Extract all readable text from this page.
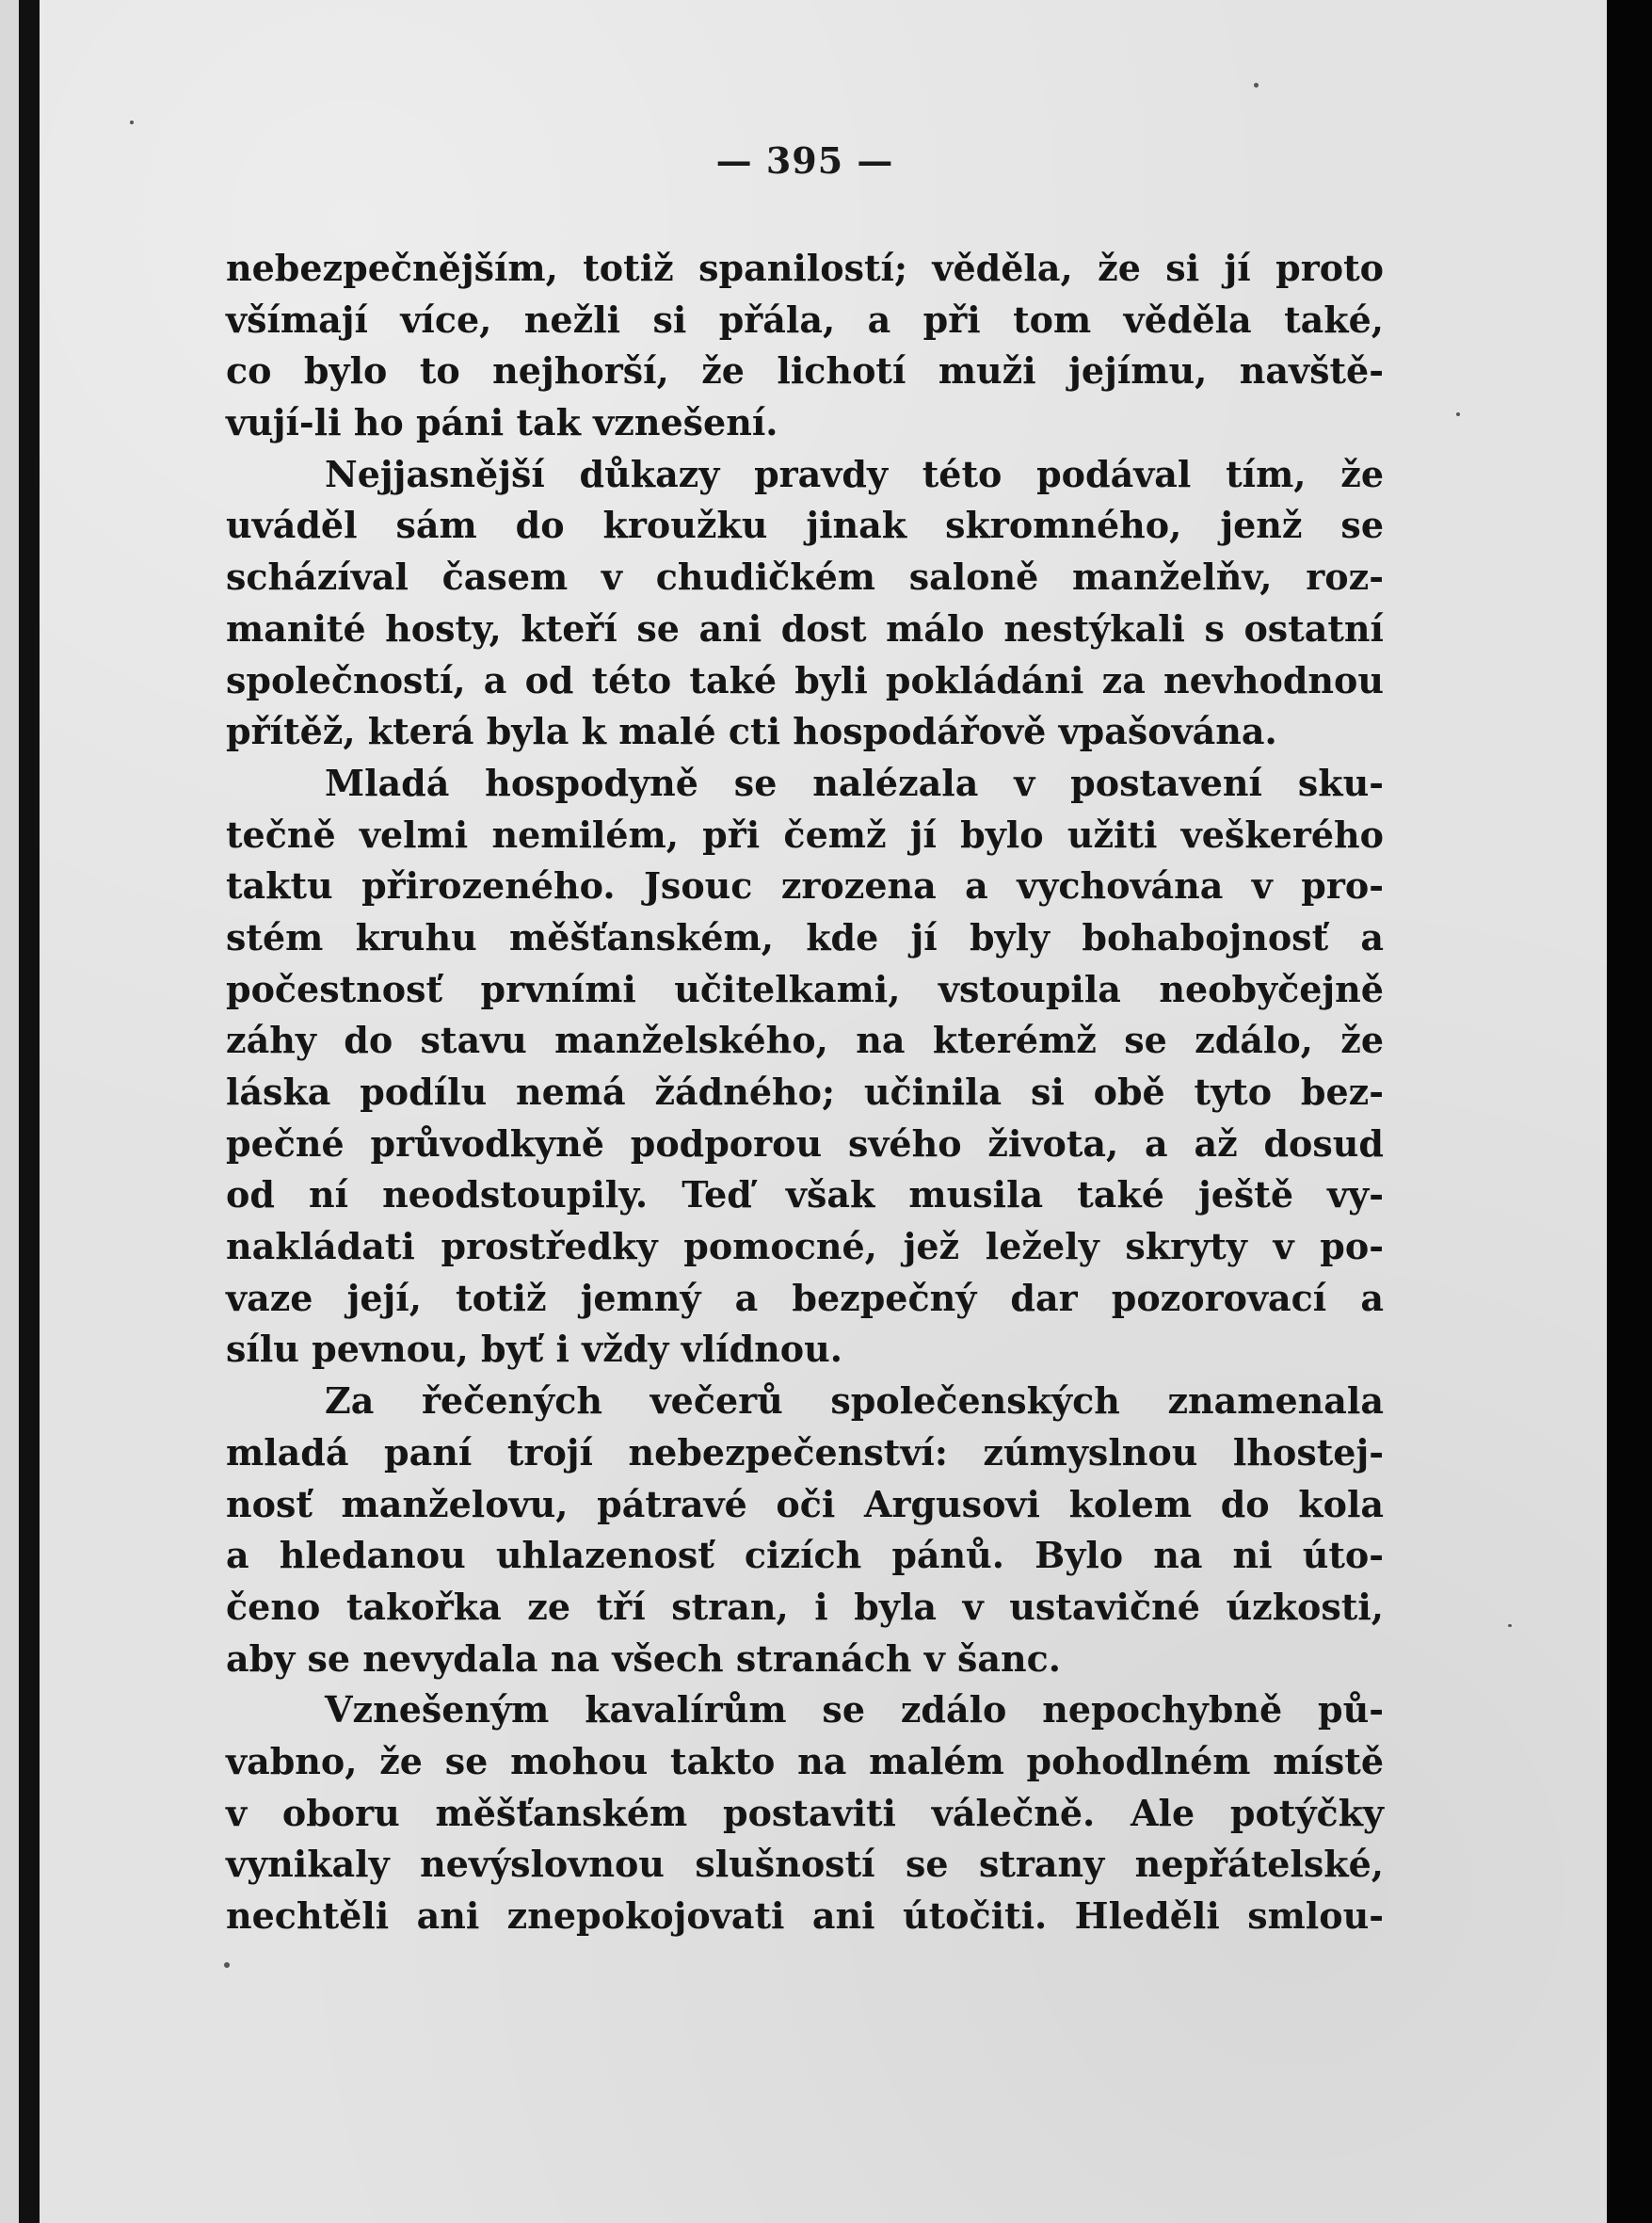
— 395 —
nebezpečnějším, totiž spanilostí; věděla, že si jí proto
všímají více, nežli si přála, a při tom věděla také,
co bylo to nejhorší, že lichotí muži jejímu, navště-
vují-li ho páni tak vznešení.
Nejjasnější důkazy pravdy této podával tím, že
uváděl sám do kroužku jinak skromného, jenž se
scházíval časem v chudičkém saloně manželňv, roz-
manité hosty, kteří se ani dost málo nestýkali s ostatní
společností, a od této také byli pokládáni za nevhodnou
přítěž, která byla k malé cti hospodářově vpašována.
Mladá hospodyně se nalézala v postavení sku-
tečně velmi nemilém, při čemž jí bylo užiti veškerého
taktu přirozeného. Jsouc zrozena a vychována v pro-
stém kruhu měšťanském, kde jí byly bohabojnosť a
počestnosť prvními učitelkami, vstoupila neobyčejně
záhy do stavu manželského, na kterémž se zdálo, že
láska podílu nemá žádného; učinila si obě tyto bez-
pečné průvodkyně podporou svého života, a až dosud
od ní neodstoupily. Teď však musila také ještě vy-
nakládati prostředky pomocné, jež ležely skryty v po-
vaze její, totiž jemný a bezpečný dar pozorovací a
sílu pevnou, byť i vždy vlídnou.
Za řečených večerů společenských znamenala
mladá paní trojí nebezpečenství: zúmyslnou lhostej-
nosť manželovu, pátravé oči Argusovi kolem do kola
a hledanou uhlazenosť cizích pánů. Bylo na ni úto-
čeno takořka ze tří stran, i byla v ustavičné úzkosti,
aby se nevydala na všech stranách v šanc.
Vznešeným kavalírům se zdálo nepochybně pů-
vabno, že se mohou takto na malém pohodlném místě
v oboru měšťanském postaviti válečně. Ale potýčky
vynikaly nevýslovnou slušností se strany nepřátelské,
nechtěli ani znepokojovati ani útočiti. Hleděli smlou-
